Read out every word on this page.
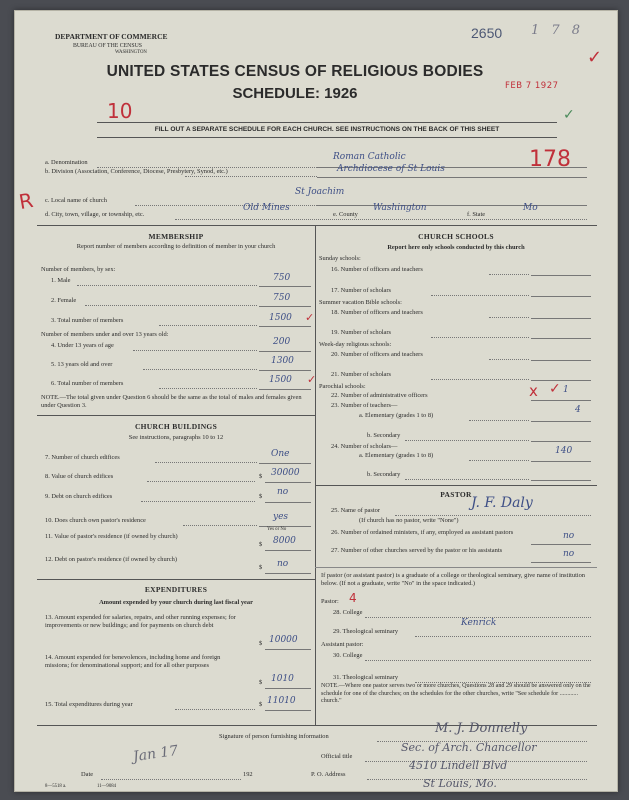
DEPARTMENT OF COMMERCE
BUREAU OF THE CENSUS
WASHINGTON
2650 1 7 8
✓
FEB 7 1927
UNITED STATES CENSUS OF RELIGIOUS BODIES
SCHEDULE: 1926
10	✓
FILL OUT A SEPARATE SCHEDULE FOR EACH CHURCH. SEE INSTRUCTIONS ON THE BACK OF THIS SHEET
a. Denomination
Roman Catholic	178
b. Division (Association, Conference, Diocese, Presbytery, Synod, etc.)	Archdiocese of St Louis
R c. Local name of church
St Joachim
d. City, town, village, or township, etc.
Old Mines
e. County
Washington
f. State
Mo
MEMBERSHIP
Report number of members according to definition of member in your church
Number of members, by sex:
1. Male	750
2. Female	750
3. Total number of members	1500
Number of members under and over 13 years old:
4. Under 13 years of age	200
5. 13 years old and over	1300
6. Total number of members	1500
NOTE.—The total given under Question 6 should be the same as the total of males and females given under Question 3.
CHURCH BUILDINGS
See instructions, paragraphs 10 to 12
7. Number of church edifices	One
8. Value of church edifices	$ 30000
9. Debt on church edifices	$ no
10. Does church own pastor's residence	yes
Yes or No
11. Value of pastor's residence (if owned by church)
$ 8000
12. Debt on pastor's residence (if owned by church)
$ no
EXPENDITURES
Amount expended by your church during last fiscal year
13. Amount expended for salaries, repairs, and other running expenses; for improvements or new buildings; and for payments on church debt
$ 10000
14. Amount expended for benevolences, including home and foreign missions; for denominational support; and for all other purposes
$ 1010
15. Total expenditures during year	$ 11010
CHURCH SCHOOLS
Report here only schools conducted by this church
Sunday schools:
16. Number of officers and teachers
17. Number of scholars
Summer vacation Bible schools:
18. Number of officers and teachers
19. Number of scholars
Week-day religious schools:
20. Number of officers and teachers
21. Number of scholars
Parochial schools:
22. Number of administrative officers	x	1
23. Number of teachers—
a. Elementary (grades 1 to 8)
4
b. Secondary
24. Number of scholars—
a. Elementary (grades 1 to 8)	140
b. Secondary
PASTOR
25. Name of pastor	J. F. Daly
(If church has no pastor, write "None")
26. Number of ordained ministers, if any, employed as assistant pastors	no
27. Number of other churches served by the pastor or his assistants	no
If pastor (or assistant pastor) is a graduate of a college or theological seminary, give name of institution below. (If not a graduate, write "No" in the space indicated.)
Pastor: 4
28. College
29. Theological seminary
Kenrick
Assistant pastor:
30. College
31. Theological seminary
NOTE.—Where one pastor serves two or more churches, Questions 28 and 29 should be answered only on the schedule for one of the churches; on the schedules for the other churches, write "See schedule for ............ church."
Signature of person furnishing information
M. J. Donnelly
Jan 17	Official title
Sec. of Arch. Chancellor
Date	192	P. O. Address
4510 Lindell Blvd
St Louis, Mo.
8—5518 a.	11—9084
✓
✓
✓
